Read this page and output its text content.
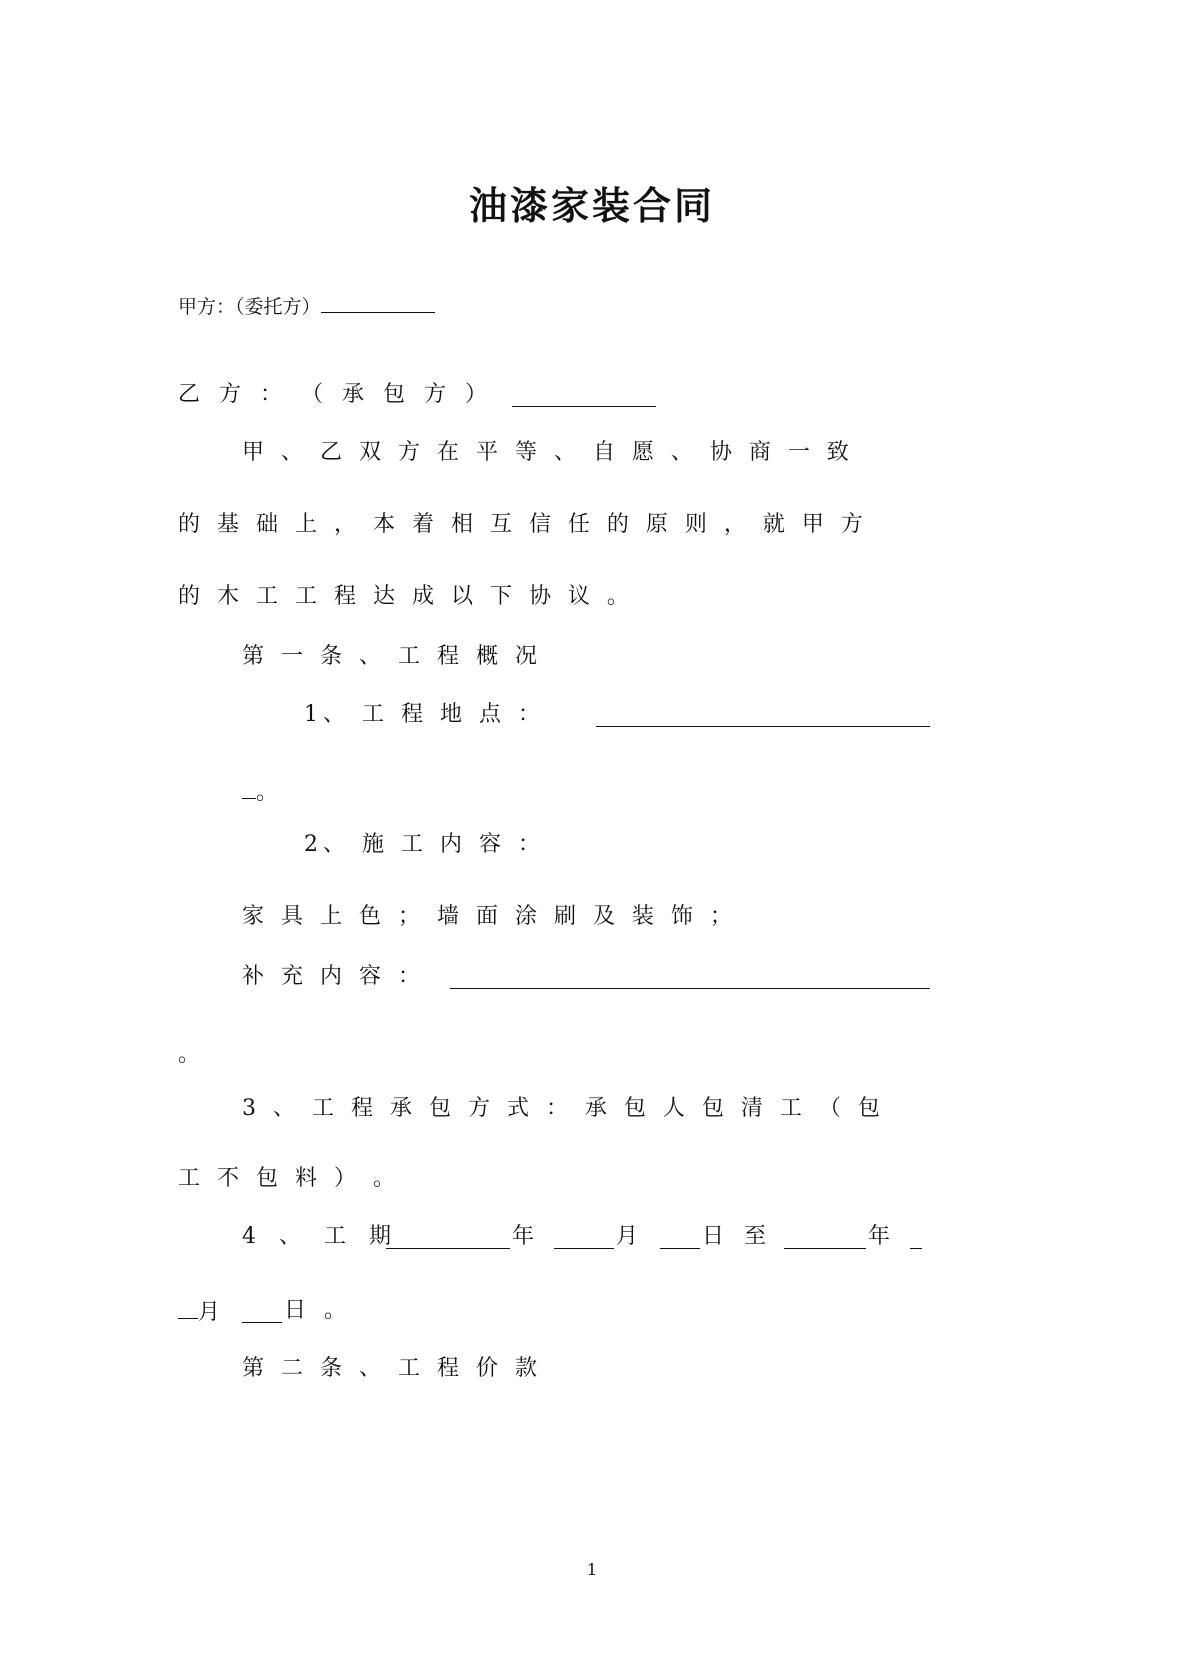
油漆家装合同
甲方：（委托方）
乙 方 ： （ 承 包 方 ）
甲 、 乙 双 方 在 平 等 、 自 愿 、 协 商 一 致
的 基 础 上 ， 本 着 相 互 信 任 的 原 则 ， 就 甲 方
的 木 工 工 程 达 成 以 下 协 议 。
第 一 条 、 工 程 概 况
1、 工 程 地 点 ：
。
2、 施 工 内 容 ：
家 具 上 色 ； 墙 面 涂 刷 及 装 饰 ；
补 充 内 容 ：
。
3 、 工 程 承 包 方 式 ： 承 包 人 包 清 工 （ 包
工 不 包 料 ） 。
4 、 工 期	年	月	日 至	年
月	日 。
第 二 条 、 工 程 价 款
1
